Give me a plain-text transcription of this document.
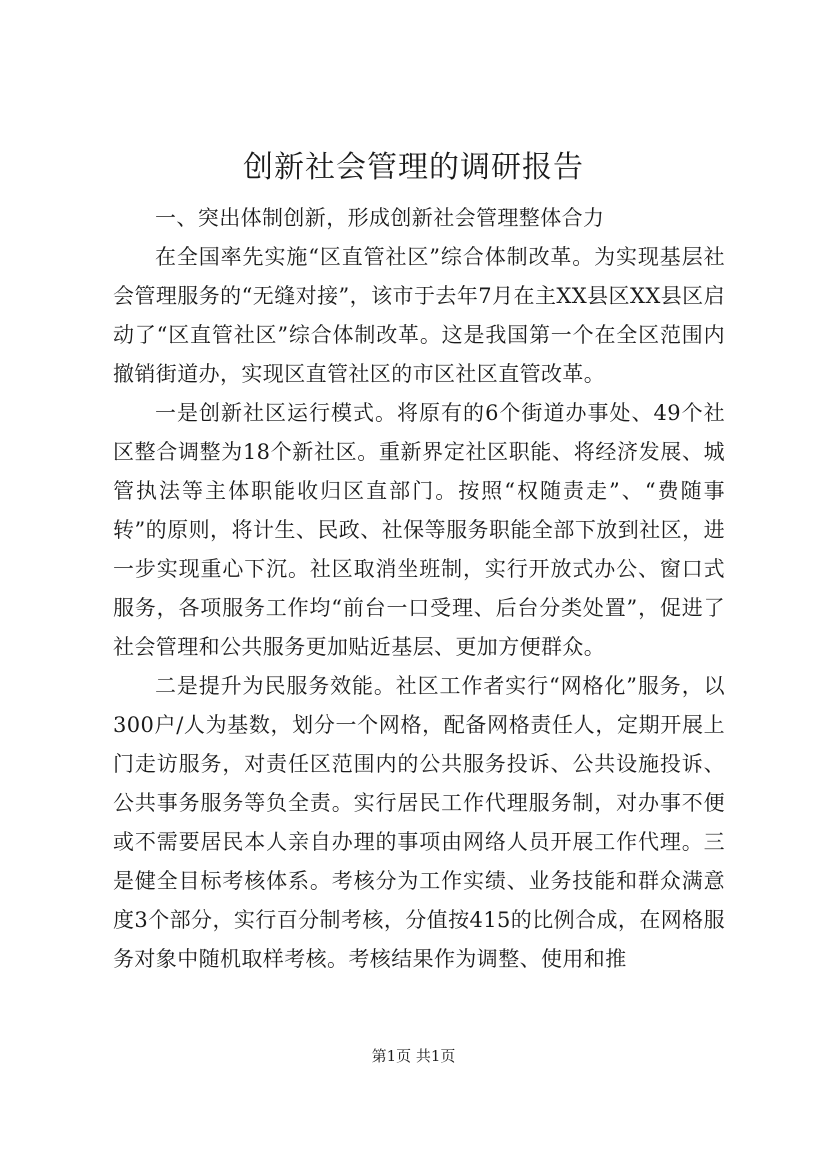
创新社会管理的调研报告

一、突出体制创新，形成创新社会管理整体合力

在全国率先实施“区直管社区”综合体制改革。为实现基层社会管理服务的“无缝对接”，该市于去年7月在主XX县区XX县区启动了“区直管社区”综合体制改革。这是我国第一个在全区范围内撤销街道办，实现区直管社区的市区社区直管改革。

一是创新社区运行模式。将原有的6个街道办事处、49个社区整合调整为18个新社区。重新界定社区职能、将经济发展、城管执法等主体职能收归区直部门。按照“权随责走”、“费随事转”的原则，将计生、民政、社保等服务职能全部下放到社区，进一步实现重心下沉。社区取消坐班制，实行开放式办公、窗口式服务，各项服务工作均“前台一口受理、后台分类处置”，促进了社会管理和公共服务更加贴近基层、更加方便群众。

二是提升为民服务效能。社区工作者实行“网格化”服务，以300户/人为基数，划分一个网格，配备网格责任人，定期开展上门走访服务，对责任区范围内的公共服务投诉、公共设施投诉、公共事务服务等负全责。实行居民工作代理服务制，对办事不便或不需要居民本人亲自办理的事项由网络人员开展工作代理。三是健全目标考核体系。考核分为工作实绩、业务技能和群众满意度3个部分，实行百分制考核，分值按415的比例合成，在网格服务对象中随机取样考核。考核结果作为调整、使用和推

第1页 共1页
